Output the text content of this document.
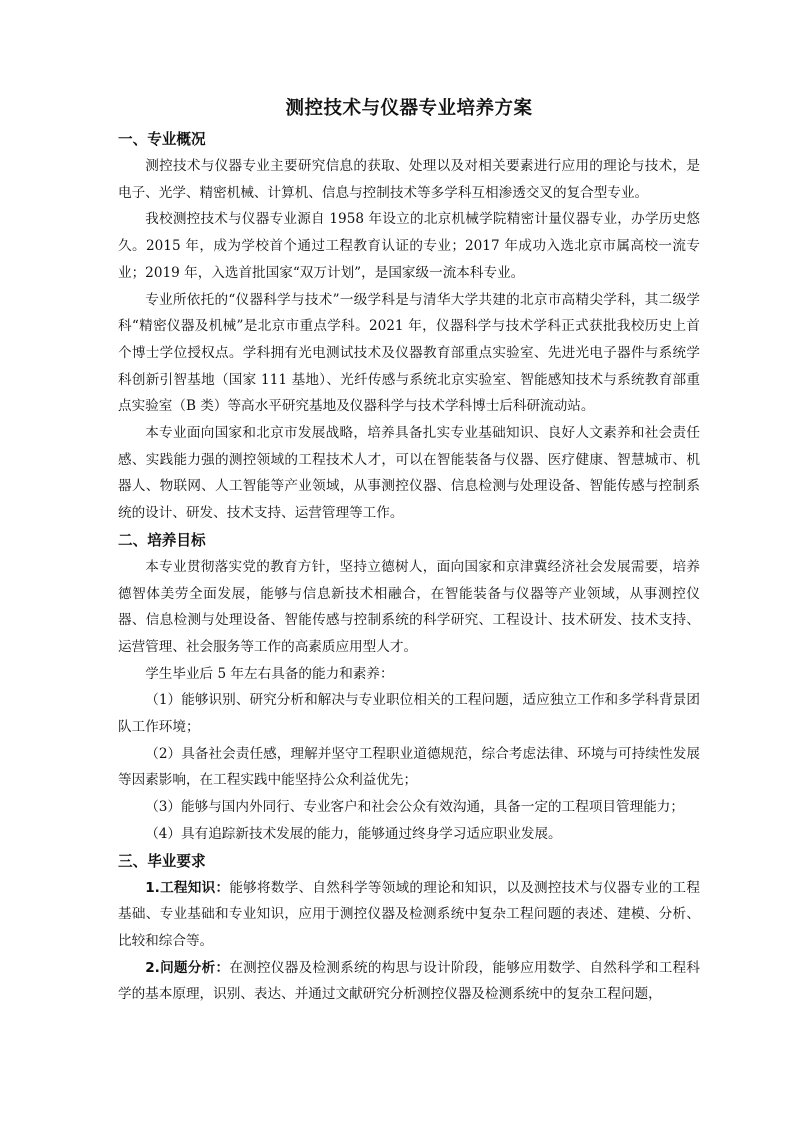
测控技术与仪器专业培养方案
一、专业概况

测控技术与仪器专业主要研究信息的获取、处理以及对相关要素进行应用的理论与技术，是电子、光学、精密机械、计算机、信息与控制技术等多学科互相渗透交叉的复合型专业。

我校测控技术与仪器专业源自 1958 年设立的北京机械学院精密计量仪器专业，办学历史悠久。2015 年，成为学校首个通过工程教育认证的专业；2017 年成功入选北京市属高校一流专业；2019 年，入选首批国家“双万计划”，是国家级一流本科专业。

专业所依托的“仪器科学与技术”一级学科是与清华大学共建的北京市高精尖学科，其二级学科“精密仪器及机械”是北京市重点学科。2021 年，仪器科学与技术学科正式获批我校历史上首个博士学位授权点。学科拥有光电测试技术及仪器教育部重点实验室、先进光电子器件与系统学科创新引智基地（国家 111 基地）、光纤传感与系统北京实验室、智能感知技术与系统教育部重点实验室（B 类）等高水平研究基地及仪器科学与技术学科博士后科研流动站。

本专业面向国家和北京市发展战略，培养具备扎实专业基础知识、良好人文素养和社会责任感、实践能力强的测控领域的工程技术人才，可以在智能装备与仪器、医疗健康、智慧城市、机器人、物联网、人工智能等产业领域，从事测控仪器、信息检测与处理设备、智能传感与控制系统的设计、研发、技术支持、运营管理等工作。

二、培养目标

本专业贯彻落实党的教育方针，坚持立德树人，面向国家和京津冀经济社会发展需要，培养德智体美劳全面发展，能够与信息新技术相融合，在智能装备与仪器等产业领域，从事测控仪器、信息检测与处理设备、智能传感与控制系统的科学研究、工程设计、技术研发、技术支持、运营管理、社会服务等工作的高素质应用型人才。

学生毕业后 5 年左右具备的能力和素养：

（1）能够识别、研究分析和解决与专业职位相关的工程问题，适应独立工作和多学科背景团队工作环境；

（2）具备社会责任感，理解并坚守工程职业道德规范，综合考虑法律、环境与可持续性发展等因素影响，在工程实践中能坚持公众利益优先；

（3）能够与国内外同行、专业客户和社会公众有效沟通，具备一定的工程项目管理能力；

（4）具有追踪新技术发展的能力，能够通过终身学习适应职业发展。

三、毕业要求

1.工程知识：能够将数学、自然科学等领域的理论和知识，以及测控技术与仪器专业的工程基础、专业基础和专业知识，应用于测控仪器及检测系统中复杂工程问题的表述、建模、分析、比较和综合等。

2.问题分析：在测控仪器及检测系统的构思与设计阶段，能够应用数学、自然科学和工程科学的基本原理，识别、表达、并通过文献研究分析测控仪器及检测系统中的复杂工程问题，
